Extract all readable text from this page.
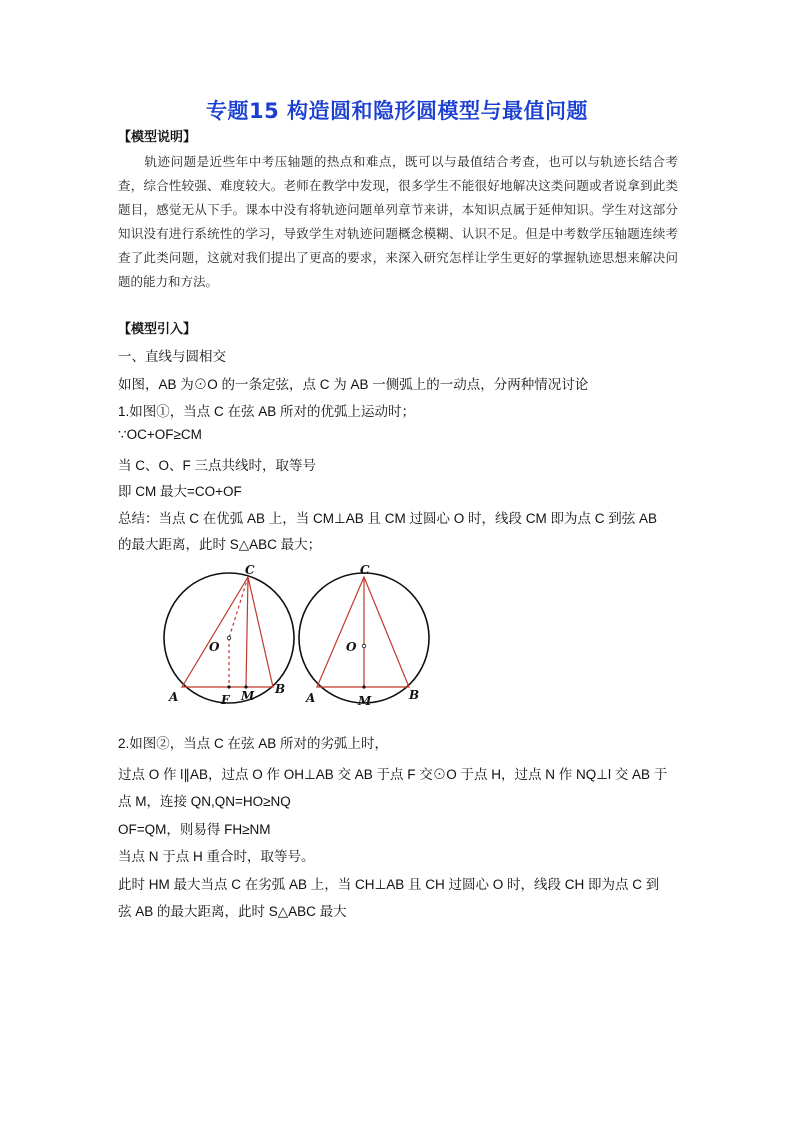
专题15 构造圆和隐形圆模型与最值问题
【模型说明】
轨迹问题是近些年中考压轴题的热点和难点，既可以与最值结合考查，也可以与轨迹长结合考查，综合性较强、难度较大。老师在教学中发现，很多学生不能很好地解决这类问题或者说拿到此类题目，感觉无从下手。课本中没有将轨迹问题单列章节来讲，本知识点属于延伸知识。学生对这部分知识没有进行系统性的学习，导致学生对轨迹问题概念模糊、认识不足。但是中考数学压轴题连续考查了此类问题，这就对我们提出了更高的要求，来深入研究怎样让学生更好的掌握轨迹思想来解决问题的能力和方法。
【模型引入】
一、直线与圆相交
如图，AB 为⊙O 的一条定弦，点 C 为 AB 一侧弧上的一动点，分两种情况讨论
1.如图①，当点 C 在弦 AB 所对的优弧上运动时；
∵OC+OF≥CM
当 C、O、F 三点共线时，取等号
即 CM 最大=CO+OF
总结：当点 C 在优弧 AB 上，当 CM⊥AB 且 CM 过圆心 O 时，线段 CM 即为点 C 到弦 AB
的最大距离，此时 S△ABC 最大；
C
O
A
B
F M
C
O
A	B
M
2.如图②，当点 C 在弦 AB 所对的劣弧上时，
过点 O 作 l∥AB，过点 O 作 OH⊥AB 交 AB 于点 F 交⊙O 于点 H，过点 N 作 NQ⊥l 交 AB 于
点 M，连接 QN,QN=HO≥NQ
OF=QM，则易得 FH≥NM
当点 N 于点 H 重合时，取等号。
此时 HM 最大当点 C 在劣弧 AB 上，当 CH⊥AB 且 CH 过圆心 O 时，线段 CH 即为点 C 到
弦 AB 的最大距离，此时 S△ABC 最大
